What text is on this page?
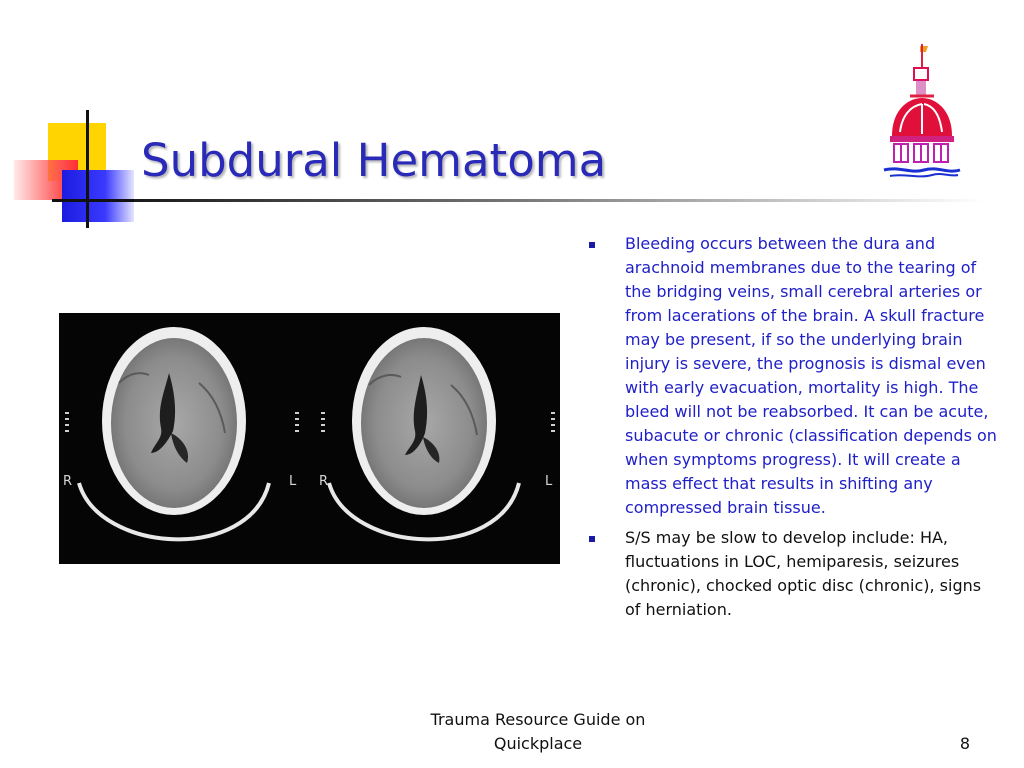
Subdural Hematoma
R	L R	L
Bleeding occurs between the dura and arachnoid membranes due to the tearing of the bridging veins, small cerebral arteries or from lacerations of the brain. A skull fracture may be present, if so the underlying brain injury is severe, the prognosis is dismal even with early evacuation, mortality is high. The bleed will not be reabsorbed. It can be acute, subacute or chronic (classification depends on when symptoms progress). It will create a mass effect that results in shifting any compressed brain tissue.
S/S may be slow to develop include: HA, fluctuations in LOC, hemiparesis, seizures (chronic), chocked optic disc (chronic), signs of herniation.
Trauma Resource Guide on
Quickplace	8
